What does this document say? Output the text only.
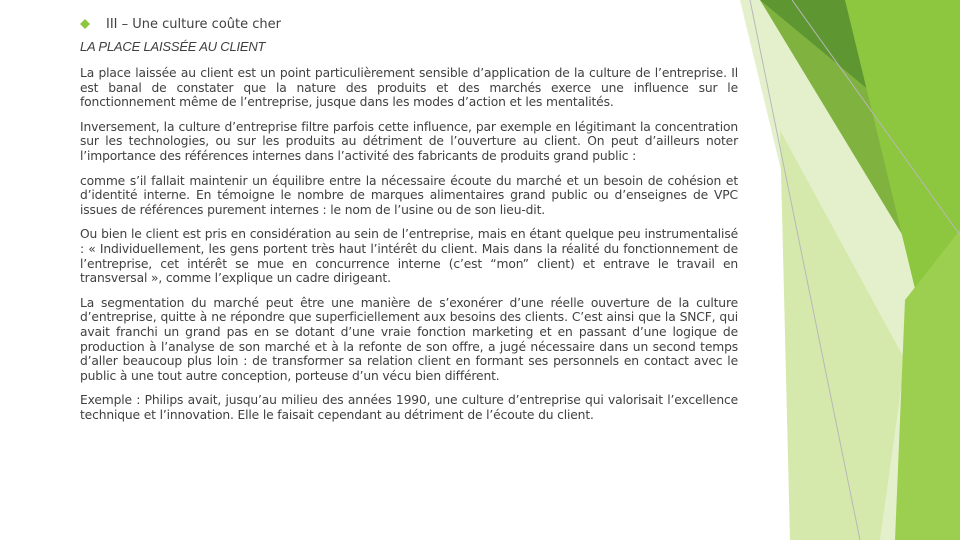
III – Une culture coûte cher
LA PLACE LAISSÉE AU CLIENT

La place laissée au client est un point particulièrement sensible d’application de la culture de l’entreprise. Il est banal de constater que la nature des produits et des marchés exerce une influence sur le fonctionnement même de l’entreprise, jusque dans les modes d’action et les mentalités.

Inversement, la culture d’entreprise filtre parfois cette influence, par exemple en légitimant la concentration sur les technologies, ou sur les produits au détriment de l’ouverture au client. On peut d’ailleurs noter l’importance des références internes dans l’activité des fabricants de produits grand public :

comme s’il fallait maintenir un équilibre entre la nécessaire écoute du marché et un besoin de cohésion et d’identité interne. En témoigne le nombre de marques alimentaires grand public ou d’enseignes de VPC issues de références purement internes : le nom de l’usine ou de son lieu-dit.

Ou bien le client est pris en considération au sein de l’entreprise, mais en étant quelque peu instrumentalisé : « Individuellement, les gens portent très haut l’intérêt du client. Mais dans la réalité du fonctionnement de l’entreprise, cet intérêt se mue en concurrence interne (c’est “mon” client) et entrave le travail en transversal », comme l’explique un cadre dirigeant.

La segmentation du marché peut être une manière de s’exonérer d’une réelle ouverture de la culture d’entreprise, quitte à ne répondre que superficiellement aux besoins des clients. C’est ainsi que la SNCF, qui avait franchi un grand pas en se dotant d’une vraie fonction marketing et en passant d’une logique de production à l’analyse de son marché et à la refonte de son offre, a jugé nécessaire dans un second temps d’aller beaucoup plus loin : de transformer sa relation client en formant ses personnels en contact avec le public à une tout autre conception, porteuse d’un vécu bien différent.

Exemple : Philips avait, jusqu’au milieu des années 1990, une culture d’entreprise qui valorisait l’excellence technique et l’innovation. Elle le faisait cependant au détriment de l’écoute du client.
